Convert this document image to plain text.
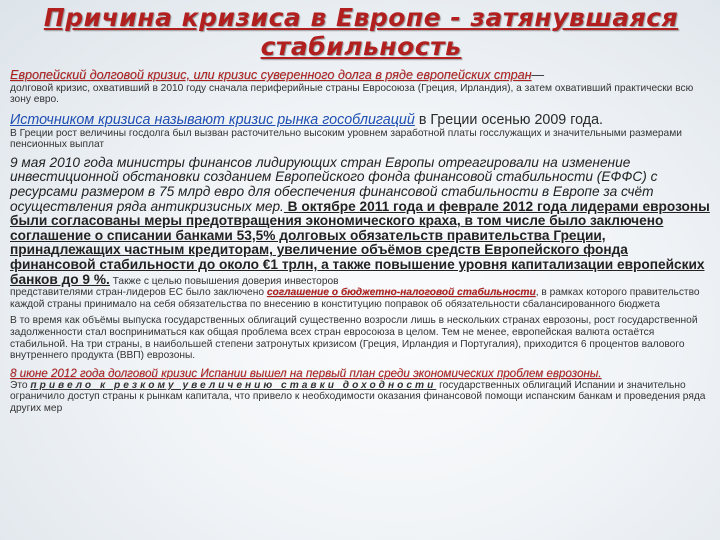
Причина кризиса в Европе - затянувшаяся
стабильность
Европейский долговой кризис, или кризис суверенного долга в ряде европейских стран—
долговой кризис, охвативший в 2010 году сначала периферийные страны Евросоюза (Греция, Ирландия), а затем охвативший практически всю зону евро.
Источником кризиса называют кризис рынка гособлигаций в Греции осенью 2009 года.
В Греции рост величины госдолга был вызван расточительно высоким уровнем заработной платы госслужащих и значительными размерами пенсионных выплат
9 мая 2010 года министры финансов лидирующих стран Европы отреагировали на изменение инвестиционной обстановки созданием Европейского фонда финансовой стабильности (ЕФФС) с ресурсами размером в 75 млрд евро для обеспечения финансовой стабильности в Европе за счёт осуществления ряда антикризисных мер. В октябре 2011 года и феврале 2012 года лидерами еврозоны были согласованы меры предотвращения экономического краха, в том числе было заключено соглашение о списании банками 53,5% долговых обязательств правительства Греции, принадлежащих частным кредиторам, увеличение объёмов средств Европейского фонда финансовой стабильности до около €1 трлн, а также повышение уровня капитализации европейских банков до 9 %. Также с целью повышения доверия инвесторов
представителями стран-лидеров ЕС было заключено соглашение о бюджетно-налоговой стабильности, в рамках которого правительство каждой страны принимало на себя обязательства по внесению в конституцию поправок об обязательности сбалансированного бюджета
В то время как объёмы выпуска государственных облигаций существенно возросли лишь в нескольких странах еврозоны, рост государственной задолженности стал восприниматься как общая проблема всех стран евросоюза в целом. Тем не менее, европейская валюта остаётся стабильной. На три страны, в наибольшей степени затронутых кризисом (Греция, Ирландия и Португалия), приходится 6 процентов валового внутреннего продукта (ВВП) еврозоны.
8 июне 2012 года долговой кризис Испании вышел на первый план среди экономических проблем еврозоны.
Это привело к резкому увеличению ставки доходности государственных облигаций Испании и значительно ограничило доступ страны к рынкам капитала, что привело к необходимости оказания финансовой помощи испанским банкам и проведения ряда других мер
